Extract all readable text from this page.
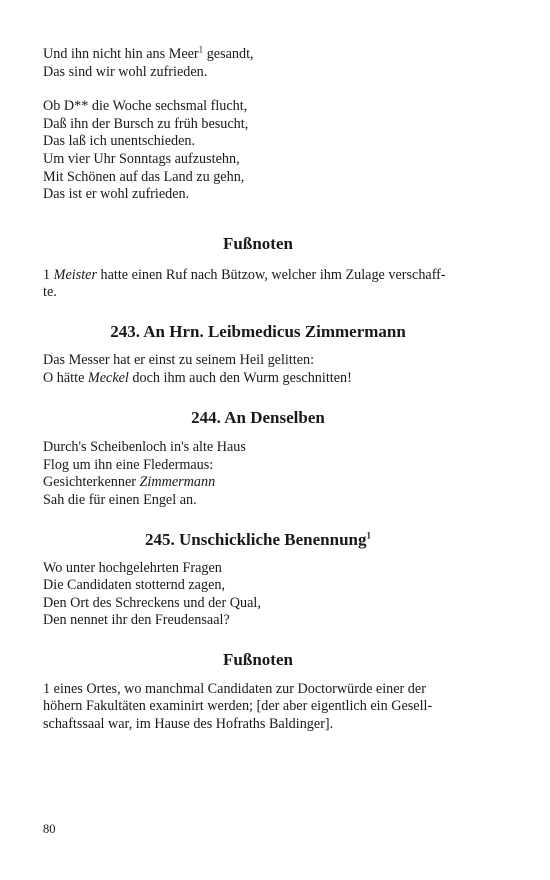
Und ihn nicht hin ans Meer$^1$ gesandt,
Das sind wir wohl zufrieden.
Ob D** die Woche sechsmal flucht,
Daß ihn der Bursch zu früh besucht,
Das laß ich unentschieden.
Um vier Uhr Sonntags aufzustehn,
Mit Schönen auf das Land zu gehn,
Das ist er wohl zufrieden.
Fußnoten
1 Meister hatte einen Ruf nach Bützow, welcher ihm Zulage verschaff-
te.
243. An Hrn. Leibmedicus Zimmermann
Das Messer hat er einst zu seinem Heil gelitten:
O hätte Meckel doch ihm auch den Wurm geschnitten!
244. An Denselben
Durch's Scheibenloch in's alte Haus
Flog um ihn eine Fledermaus:
Gesichterkenner Zimmermann
Sah die für einen Engel an.
245. Unschickliche Benennung$^1$
Wo unter hochgelehrten Fragen
Die Candidaten stotternd zagen,
Den Ort des Schreckens und der Qual,
Den nennet ihr den Freudensaal?
Fußnoten
1 eines Ortes, wo manchmal Candidaten zur Doctorwürde einer der
höhern Fakultäten examinirt werden; [der aber eigentlich ein Gesell-
schaftssaal war, im Hause des Hofraths Baldinger].
80
